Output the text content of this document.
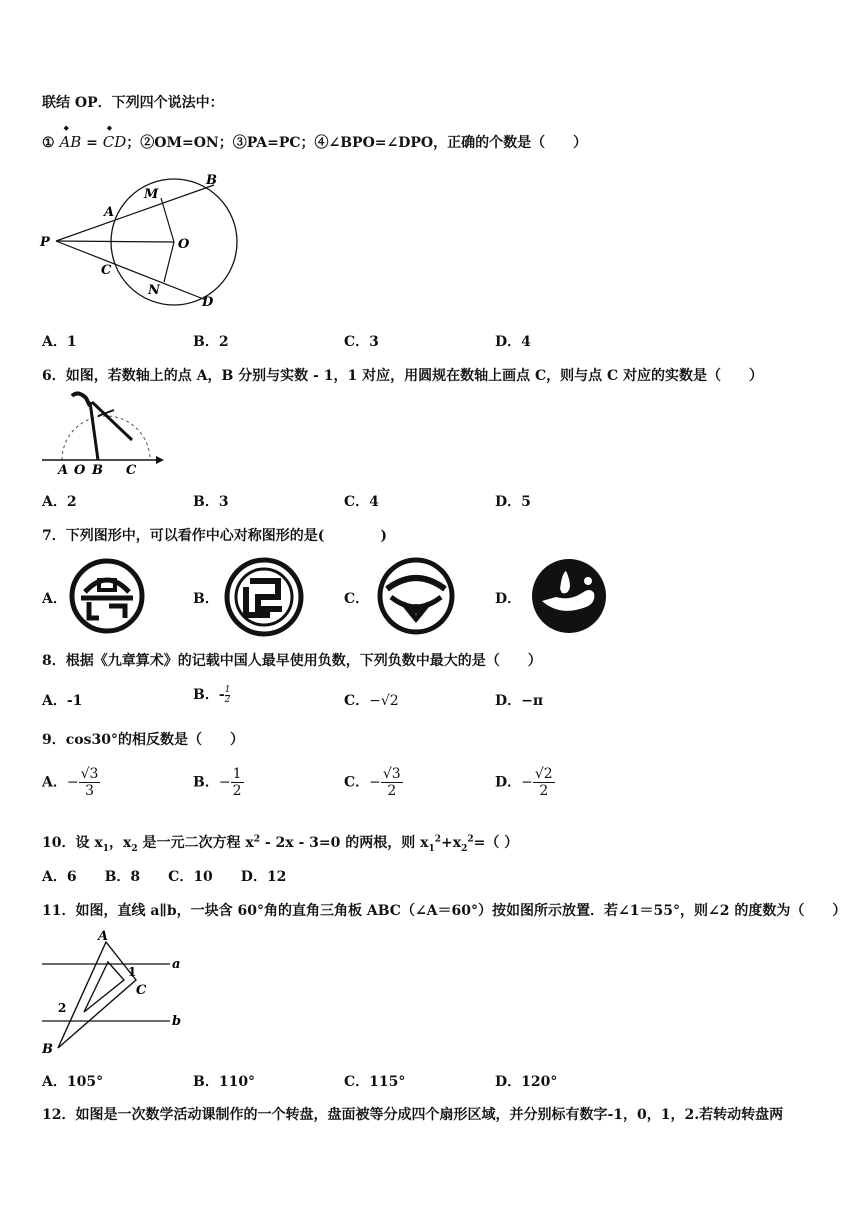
联结 OP．下列四个说法中：
① ◆ AB = ◆ CD；②OM=ON；③PA=PC；④∠BPO=∠DPO，正确的个数是（　　）
P
A
M
B
O
C
N
D
A．1	B．2	C．3	D．4
6．如图，若数轴上的点 A，B 分别与实数 - 1，1 对应，用圆规在数轴上画点 C，则与点 C 对应的实数是（　　）
A O B C
A．2	B．3	C．4	D．5
7．下列图形中，可以看作中心对称图形的是(　　　　)
A．	B．	C．	D．
8．根据《九章算术》的记载中国人最早使用负数，下列负数中最大的是（　　）
A．-1	B．- $\frac{1}{2}$	C．−√2	D．−π
9．cos30°的相反数是（　　）
A．− $\frac{√3}{3}$	B．− $\frac{1}{2}$	C．− $\frac{√3}{2}$	D．− $\frac{√2}{2}$
10．设 $x_1$，$x_2$ 是一元二次方程 $x^2 - 2x - 3=0$ 的两根，则 $x_1^2+x_2^2=$（ ）
A．6　　B．8　　C．10　　D．12
11．如图，直线 a∥b，一块含 60°角的直角三角板 ABC（∠A＝60°）按如图所示放置．若∠1＝55°，则∠2 的度数为（　　）
A
a
1
C
2
b
B
A．105°	B．110°	C．115°	D．120°
12．如图是一次数学活动课制作的一个转盘，盘面被等分成四个扇形区域，并分别标有数字-1，0，1，2.若转动转盘两
